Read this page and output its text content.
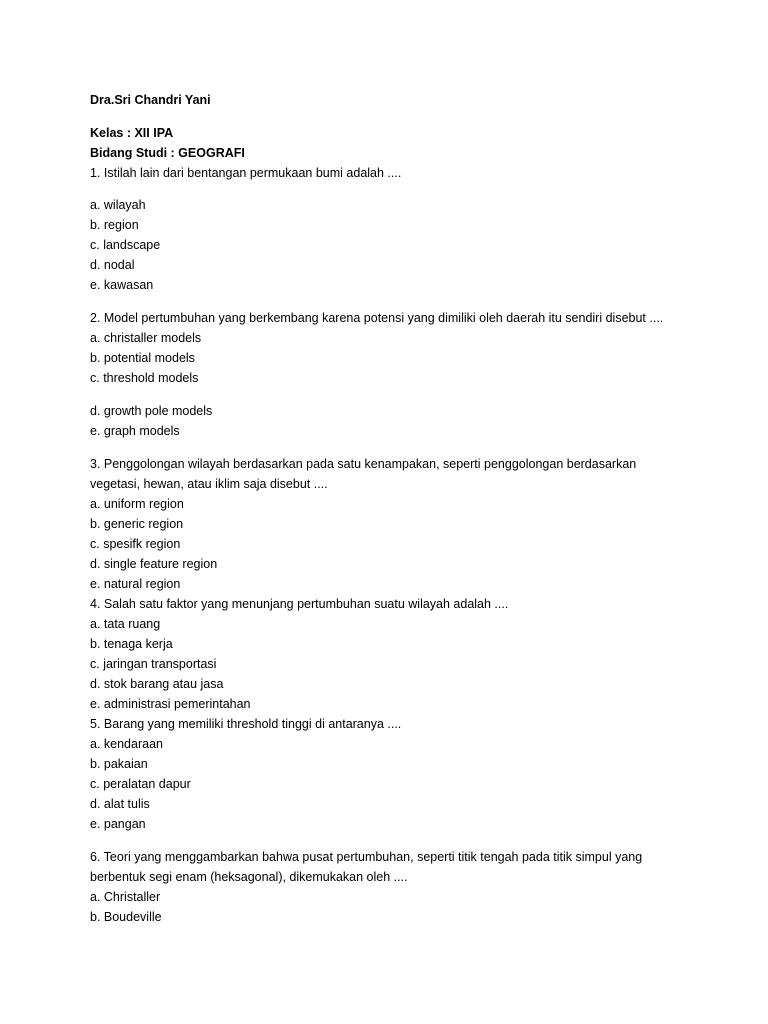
Dra.Sri Chandri Yani
Kelas : XII IPA
Bidang Studi : GEOGRAFI
1. Istilah lain dari bentangan permukaan bumi adalah ....
a. wilayah
b. region
c. landscape
d. nodal
e. kawasan
2. Model pertumbuhan yang berkembang karena potensi yang dimiliki oleh daerah itu sendiri disebut ....
a. christaller models
b. potential models
c. threshold models
d. growth pole models
e. graph models
3. Penggolongan wilayah berdasarkan pada satu kenampakan, seperti penggolongan berdasarkan
vegetasi, hewan, atau iklim saja disebut ....
a. uniform region
b. generic region
c. spesifk region
d. single feature region
e. natural region
4. Salah satu faktor yang menunjang pertumbuhan suatu wilayah adalah ....
a. tata ruang
b. tenaga kerja
c. jaringan transportasi
d. stok barang atau jasa
e. administrasi pemerintahan
5. Barang yang memiliki threshold tinggi di antaranya ....
a. kendaraan
b. pakaian
c. peralatan dapur
d. alat tulis
e. pangan
6. Teori yang menggambarkan bahwa pusat pertumbuhan, seperti titik tengah pada titik simpul yang
berbentuk segi enam (heksagonal), dikemukakan oleh ....
a. Christaller
b. Boudeville
